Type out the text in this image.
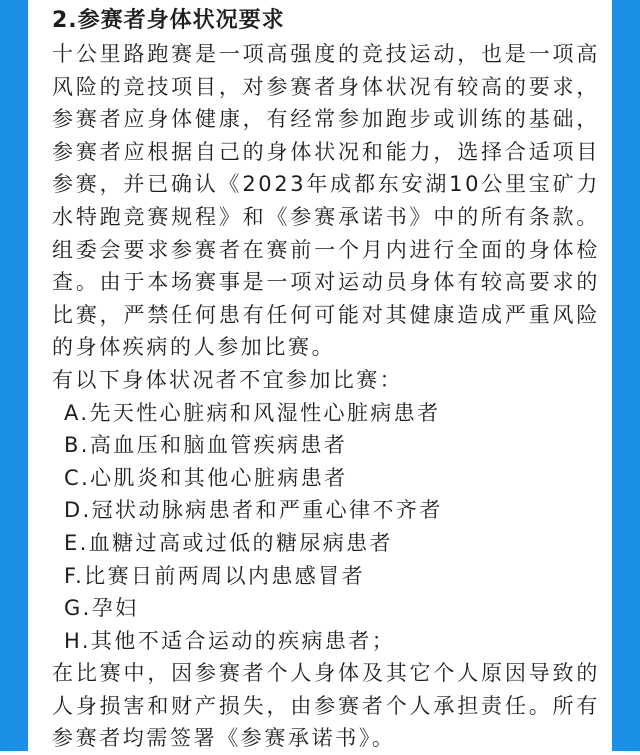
2.参赛者身体状况要求

十公里路跑赛是一项高强度的竞技运动，也是一项高风险的竞技项目，对参赛者身体状况有较高的要求，参赛者应身体健康，有经常参加跑步或训练的基础，参赛者应根据自己的身体状况和能力，选择合适项目参赛，并已确认《2023年成都东安湖10公里宝矿力水特跑竞赛规程》和《参赛承诺书》中的所有条款。组委会要求参赛者在赛前一个月内进行全面的身体检查。由于本场赛事是一项对运动员身体有较高要求的比赛，严禁任何患有任何可能对其健康造成严重风险的身体疾病的人参加比赛。

有以下身体状况者不宜参加比赛：

A.先天性心脏病和风湿性心脏病患者
B.高血压和脑血管疾病患者
C.心肌炎和其他心脏病患者
D.冠状动脉病患者和严重心律不齐者
E.血糖过高或过低的糖尿病患者
F.比赛日前两周以内患感冒者
G.孕妇
H.其他不适合运动的疾病患者；

在比赛中，因参赛者个人身体及其它个人原因导致的人身损害和财产损失，由参赛者个人承担责任。所有参赛者均需签署《参赛承诺书》。
